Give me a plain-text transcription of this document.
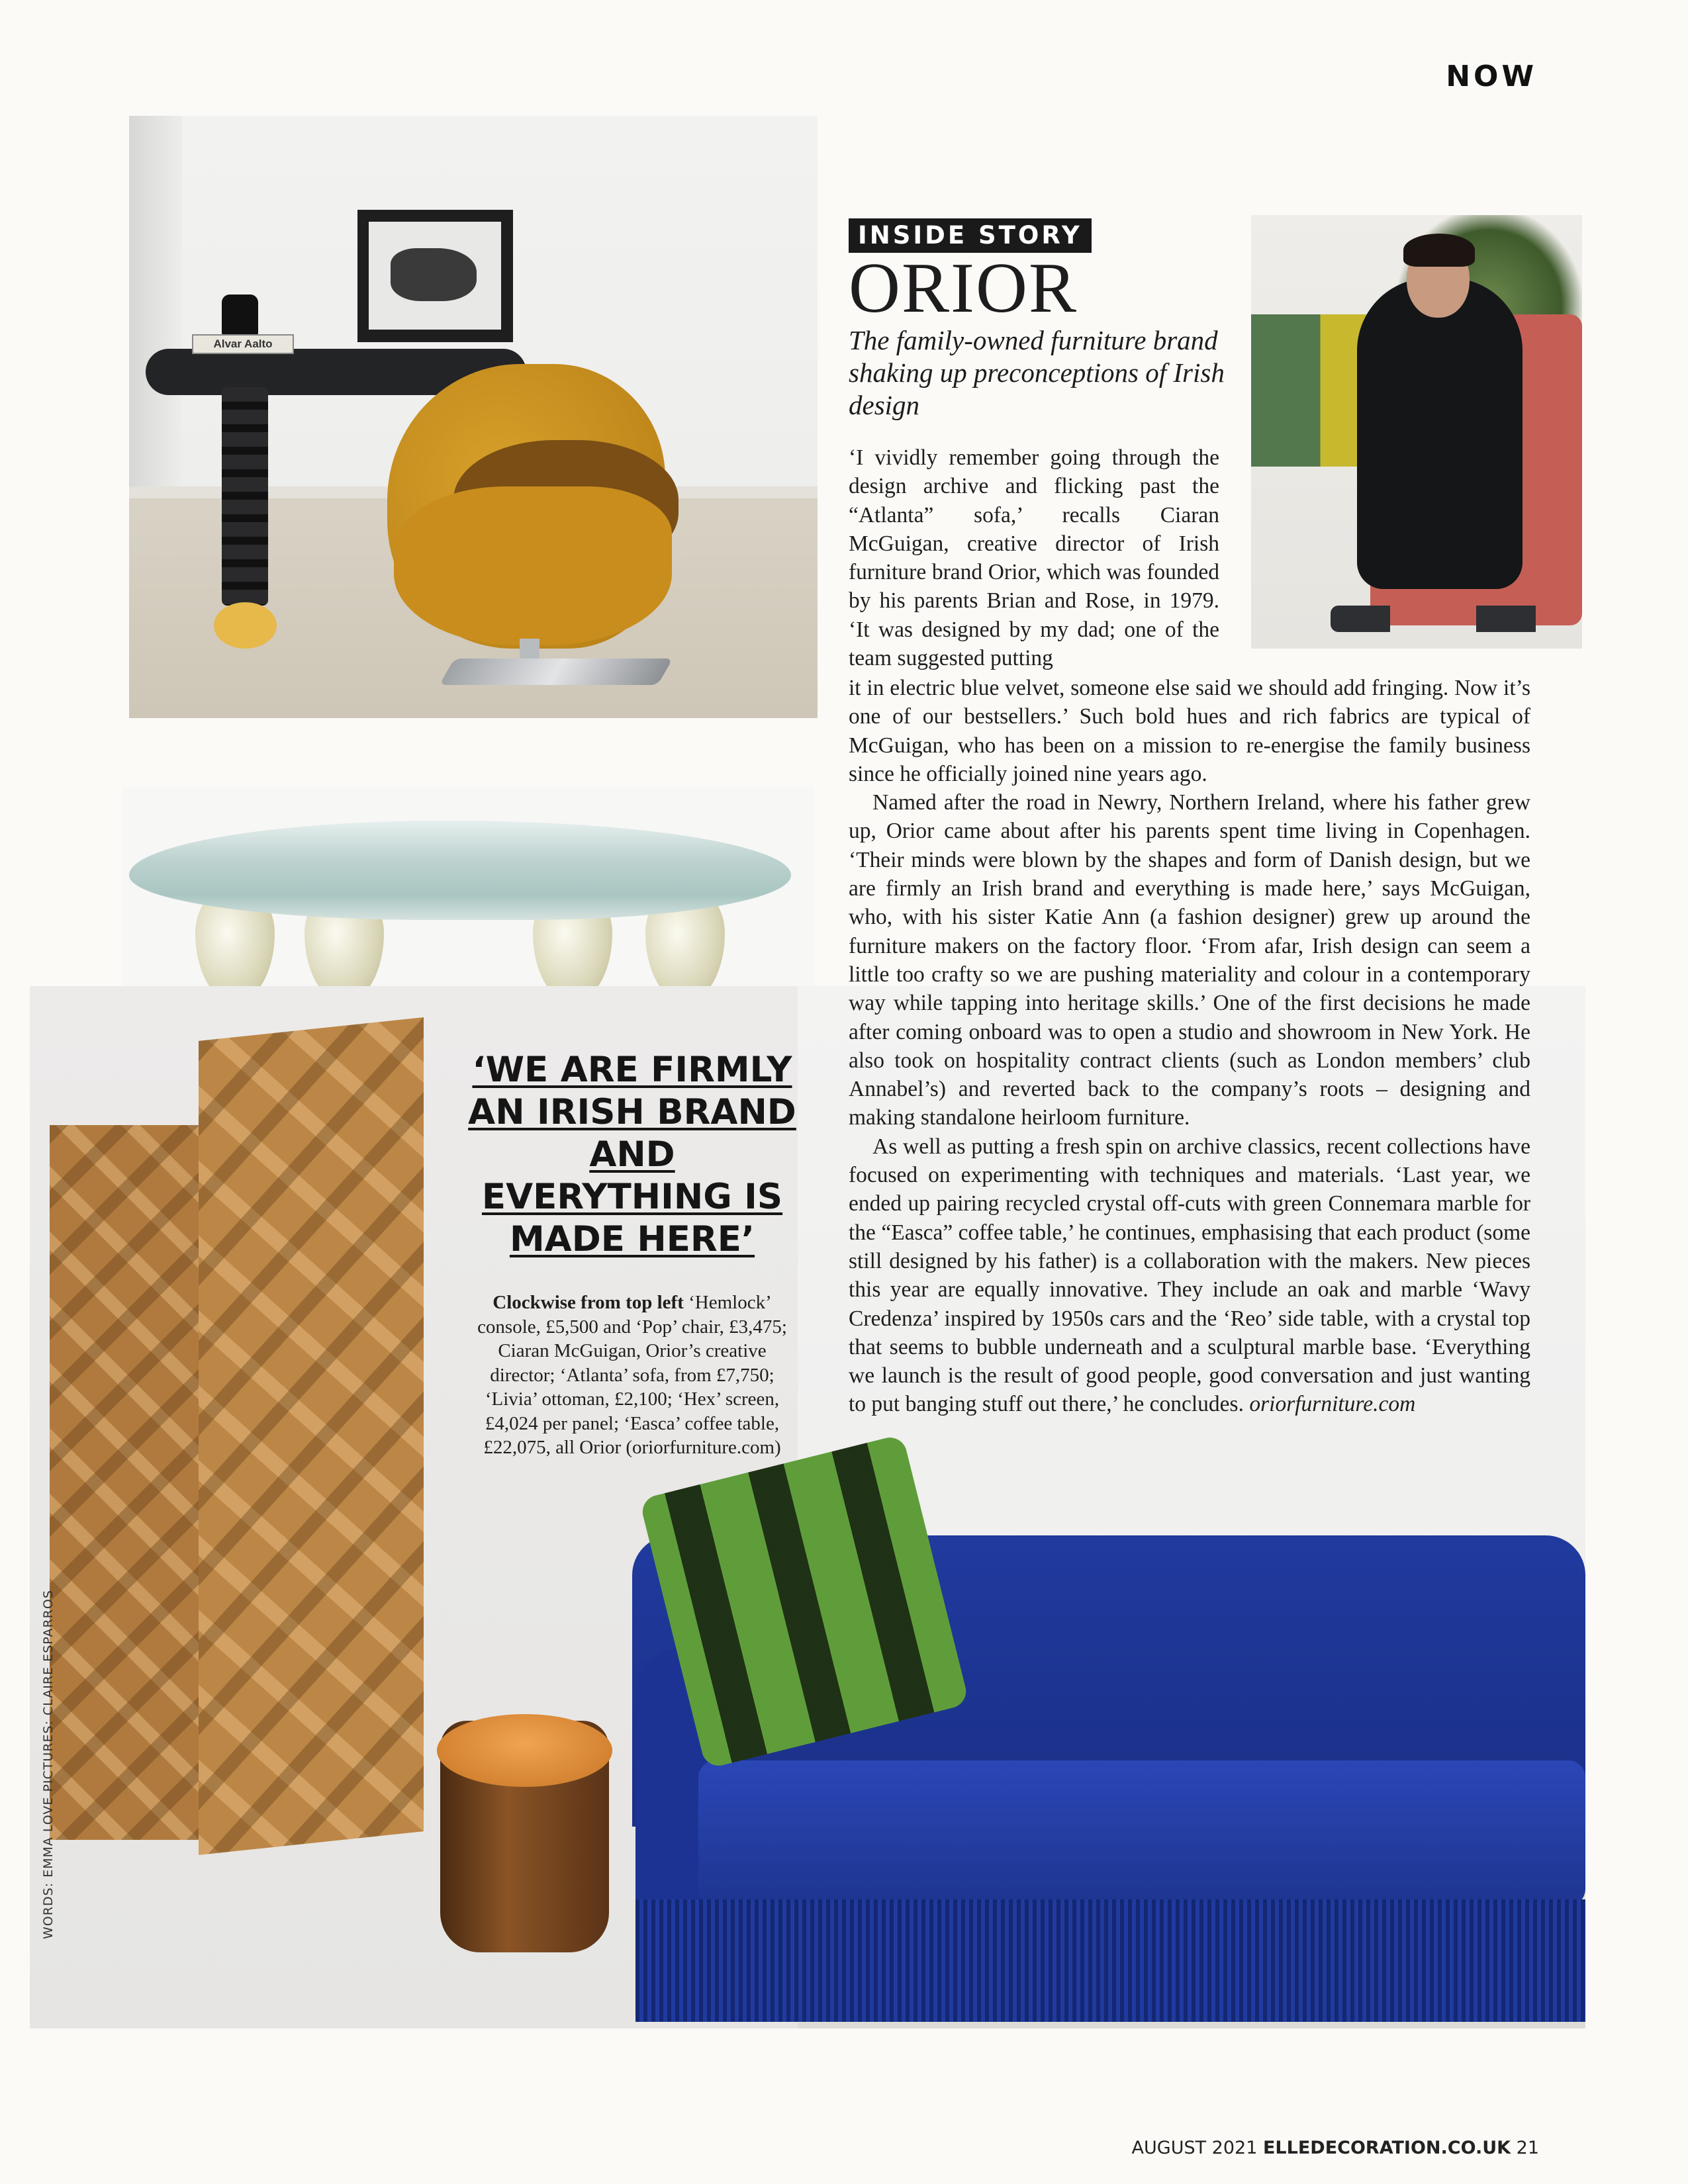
NOW
Alvar Aalto
INSIDE STORY
ORIOR
The family-owned furniture brand shaking up preconceptions of Irish design

‘I vividly remember going through the design archive and flicking past the “Atlanta” sofa,’ recalls Ciaran McGuigan, creative director of Irish furniture brand Orior, which was founded by his parents Brian and Rose, in 1979. ‘It was designed by my dad; one of the team suggested putting

it in electric blue velvet, someone else said we should add fringing. Now it’s one of our bestsellers.’ Such bold hues and rich fabrics are typical of McGuigan, who has been on a mission to re-energise the family business since he officially joined nine years ago.

Named after the road in Newry, Northern Ireland, where his father grew up, Orior came about after his parents spent time living in Copenhagen. ‘Their minds were blown by the shapes and form of Danish design, but we are firmly an Irish brand and everything is made here,’ says McGuigan, who, with his sister Katie Ann (a fashion designer) grew up around the furniture makers on the factory floor. ‘From afar, Irish design can seem a little too crafty so we are pushing materiality and colour in a contemporary way while tapping into heritage skills.’ One of the first decisions he made after coming onboard was to open a studio and showroom in New York. He also took on hospitality contract clients (such as London members’ club Annabel’s) and reverted back to the company’s roots – designing and making standalone heirloom furniture.

As well as putting a fresh spin on archive classics, recent collections have focused on experimenting with techniques and materials. ‘Last year, we ended up pairing recycled crystal off-cuts with green Connemara marble for the “Easca” coffee table,’ he continues, emphasising that each product (some still designed by his father) is a collaboration with the makers. New pieces this year are equally innovative. They include an oak and marble ‘Wavy Credenza’ inspired by 1950s cars and the ‘Reo’ side table, with a crystal top that seems to bubble underneath and a sculptural marble base. ‘Everything we launch is the result of good people, good conversation and just wanting to put banging stuff out there,’ he concludes. oriorfurniture.com

‘WE ARE FIRMLY AN IRISH BRAND AND EVERYTHING IS MADE HERE’
Clockwise from top left ‘Hemlock’ console, £5,500 and ‘Pop’ chair, £3,475; Ciaran McGuigan, Orior’s creative director; ‘Atlanta’ sofa, from £7,750; ‘Livia’ ottoman, £2,100; ‘Hex’ screen, £4,024 per panel; ‘Easca’ coffee table, £22,075, all Orior (oriorfurniture.com)
WORDS: EMMA LOVE PICTURES: CLAIRE ESPARROS
AUGUST 2021 ELLEDECORATION.CO.UK 21
